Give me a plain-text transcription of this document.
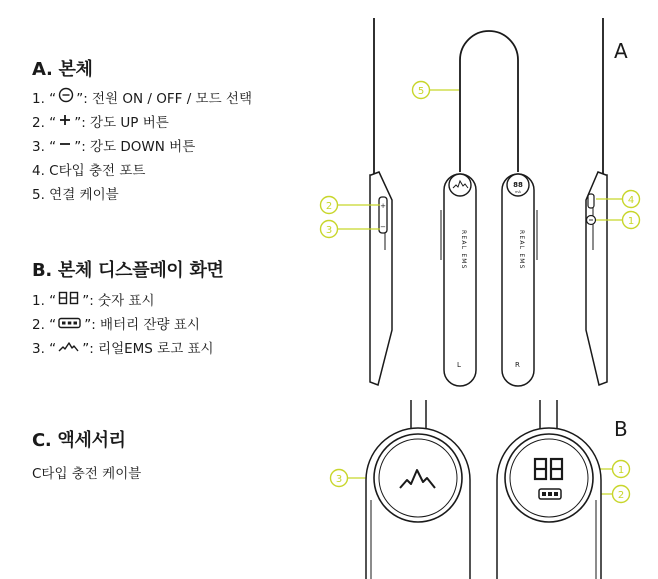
A. 본체
1. “
” : 전원 ON / OFF / 모드 선택
2. “
” : 강도 UP 버튼
3. “
” : 강도 DOWN 버튼
4. C타입 충전 포트
5. 연결 케이블
B. 본체 디스플레이 화면
1. “
” : 숫자 표시
2. “
” : 배터리 잔량 표시
3. “
” : 리얼EMS 로고 표시
C. 액세서리
C타입 충전 케이블
A
B
+
−
REAL EMS
L
88
mA
REAL EMS
R
5
2
3
4
1
3
1
2
